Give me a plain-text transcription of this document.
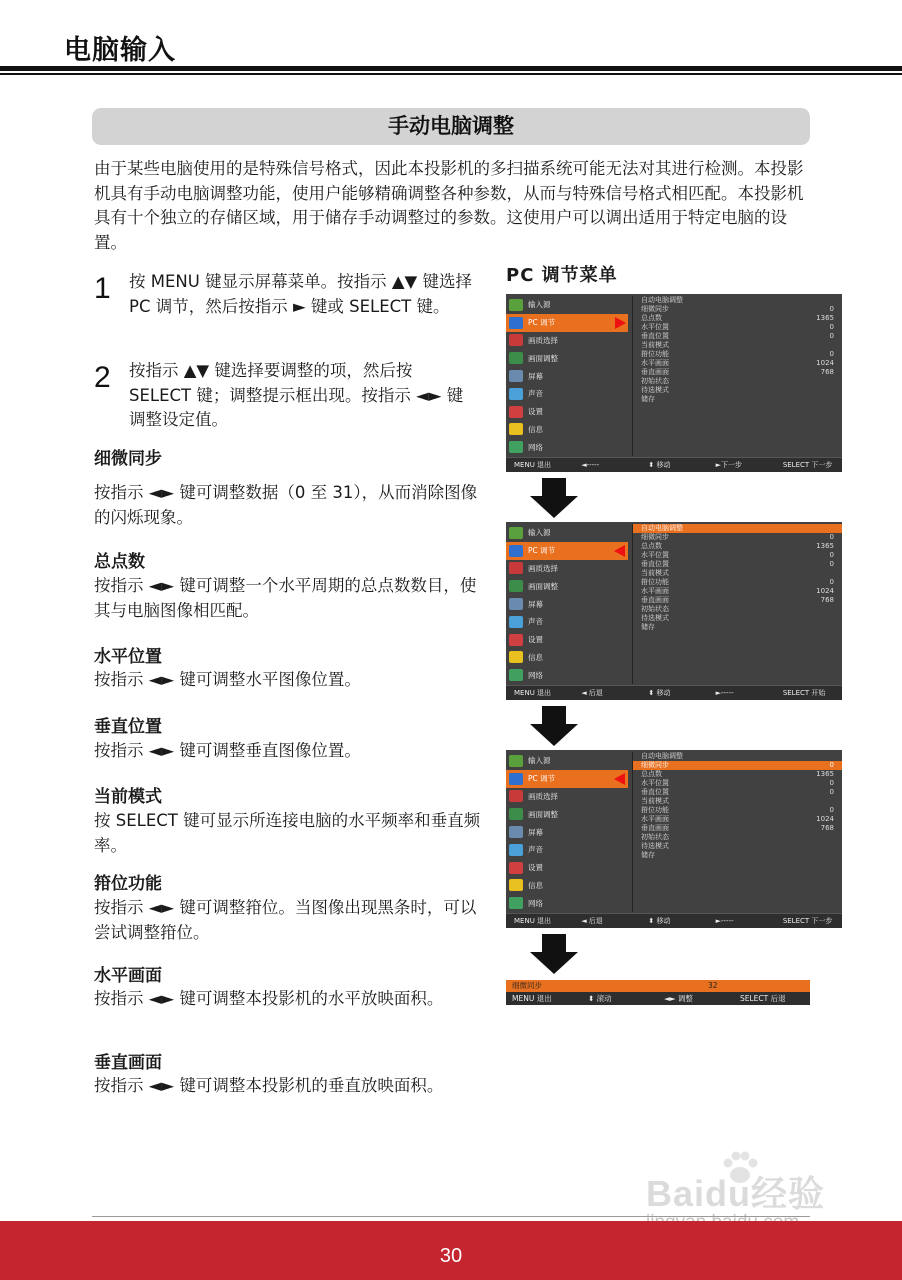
电脑输入
手动电脑调整
由于某些电脑使用的是特殊信号格式，因此本投影机的多扫描系统可能无法对其进行检测。本投影机具有手动电脑调整功能，使用户能够精确调整各种参数，从而与特殊信号格式相匹配。本投影机具有十个独立的存储区域，用于储存手动调整过的参数。这使用户可以调出适用于特定电脑的设置。
1 按 MENU 键显示屏幕菜单。按指示 ▲▼ 键选择 PC 调节，然后按指示 ► 键或 SELECT 键。
2 按指示 ▲▼ 键选择要调整的项，然后按 SELECT 键；调整提示框出现。按指示 ◄► 键调整设定值。
细微同步
按指示 ◄► 键可调整数据（0 至 31），从而消除图像的闪烁现象。
总点数
按指示 ◄► 键可调整一个水平周期的总点数数目，使其与电脑图像相匹配。
水平位置
按指示 ◄► 键可调整水平图像位置。
垂直位置
按指示 ◄► 键可调整垂直图像位置。
当前模式
按 SELECT 键可显示所连接电脑的水平频率和垂直频率。
箝位功能
按指示 ◄► 键可调整箝位。当图像出现黑条时，可以尝试调整箝位。
水平画面
按指示 ◄► 键可调整本投影机的水平放映面积。
垂直画面
按指示 ◄► 键可调整本投影机的垂直放映面积。
PC 调节菜单
输入源
PC 调节
画质选择
画面调整
屏幕
声音
设置
信息
网络
自动电脑调整
细微同步	0
总点数	1365
水平位置	0
垂直位置	0
当前模式
箝位功能	0
水平画面	1024
垂直画面	768
初始状态
待选模式
储存
MENU 退出	◄-----	⬍ 移动	►下一步	SELECT 下一步
输入源
PC 调节
画质选择
画面调整
屏幕
声音
设置
信息
网络
自动电脑调整
细微同步	0
总点数	1365
水平位置	0
垂直位置	0
当前模式
箝位功能	0
水平画面	1024
垂直画面	768
初始状态
待选模式
储存
MENU 退出	◄ 后退	⬍ 移动	►-----	SELECT 开始
输入源
PC 调节
画质选择
画面调整
屏幕
声音
设置
信息
网络
自动电脑调整
细微同步	0
总点数	1365
水平位置	0
垂直位置	0
当前模式
箝位功能	0
水平画面	1024
垂直画面	768
初始状态
待选模式
储存
MENU 退出	◄ 后退	⬍ 移动	►-----	SELECT 下一步
细微同步	32
MENU 退出	⬍ 滚动	◄► 调整	SELECT 后退
Baidu经验
30
